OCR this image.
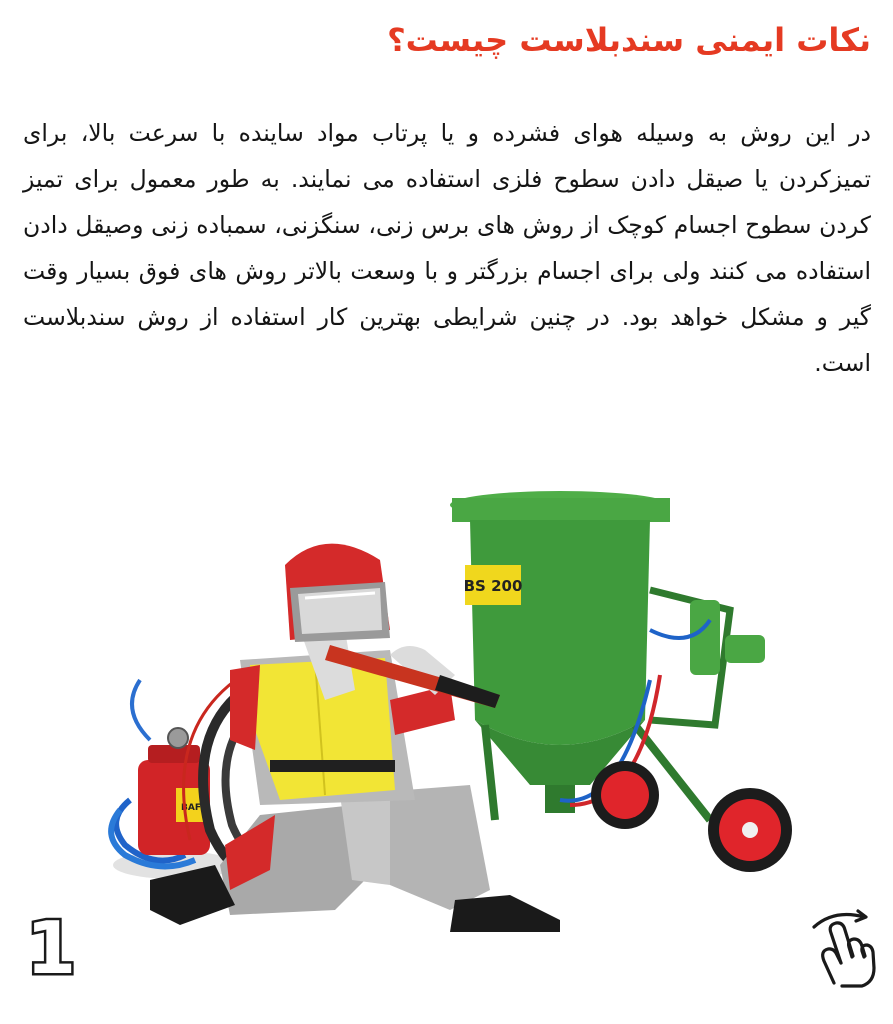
نکات ایمنی سندبلاست چیست؟

در این روش به وسیله هوای فشرده و یا پرتاب مواد ساینده با سرعت بالا، برای تمیزکردن یا صیقل دادن سطوح فلزی استفاده می نمایند. به طور معمول برای تمیز کردن سطوح اجسام کوچک از روش های برس زنی، سنگزنی، سمباده زنی وصیقل دادن استفاده می کنند ولی برای اجسام بزرگتر و با وسعت بالاتر روش های فوق بسیار وقت گیر و مشکل خواهد بود. در چنین شرایطی بهترین کار استفاده از روش سندبلاست است.

BAF
BS 200
1
